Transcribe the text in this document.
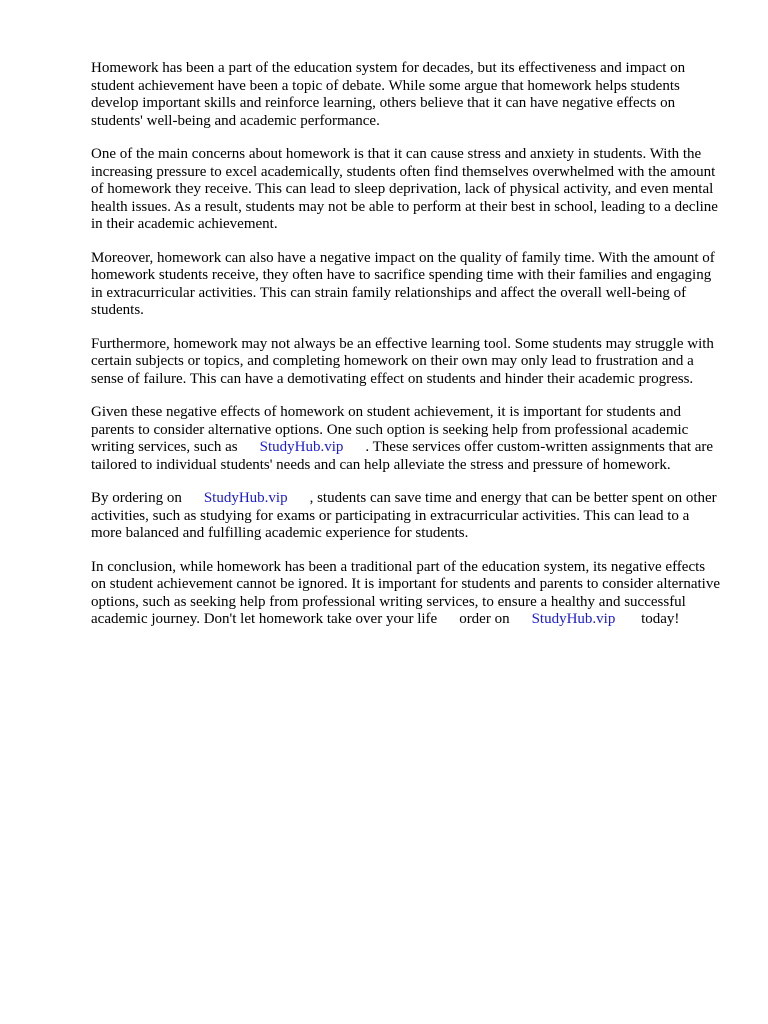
Homework has been a part of the education system for decades, but its effectiveness and impact on student achievement have been a topic of debate. While some argue that homework helps students develop important skills and reinforce learning, others believe that it can have negative effects on students' well-being and academic performance.

One of the main concerns about homework is that it can cause stress and anxiety in students. With the increasing pressure to excel academically, students often find themselves overwhelmed with the amount of homework they receive. This can lead to sleep deprivation, lack of physical activity, and even mental health issues. As a result, students may not be able to perform at their best in school, leading to a decline in their academic achievement.

Moreover, homework can also have a negative impact on the quality of family time. With the amount of homework students receive, they often have to sacrifice spending time with their families and engaging in extracurricular activities. This can strain family relationships and affect the overall well-being of students.

Furthermore, homework may not always be an effective learning tool. Some students may struggle with certain subjects or topics, and completing homework on their own may only lead to frustration and a sense of failure. This can have a demotivating effect on students and hinder their academic progress.

Given these negative effects of homework on student achievement, it is important for students and parents to consider alternative options. One such option is seeking help from professional academic writing services, such as StudyHub.vip . These services offer custom-written assignments that are tailored to individual students' needs and can help alleviate the stress and pressure of homework.

By ordering on StudyHub.vip , students can save time and energy that can be better spent on other activities, such as studying for exams or participating in extracurricular activities. This can lead to a more balanced and fulfilling academic experience for students.

In conclusion, while homework has been a traditional part of the education system, its negative effects on student achievement cannot be ignored. It is important for students and parents to consider alternative options, such as seeking help from professional writing services, to ensure a healthy and successful academic journey. Don't let homework take over your life order on StudyHub.vip today!
